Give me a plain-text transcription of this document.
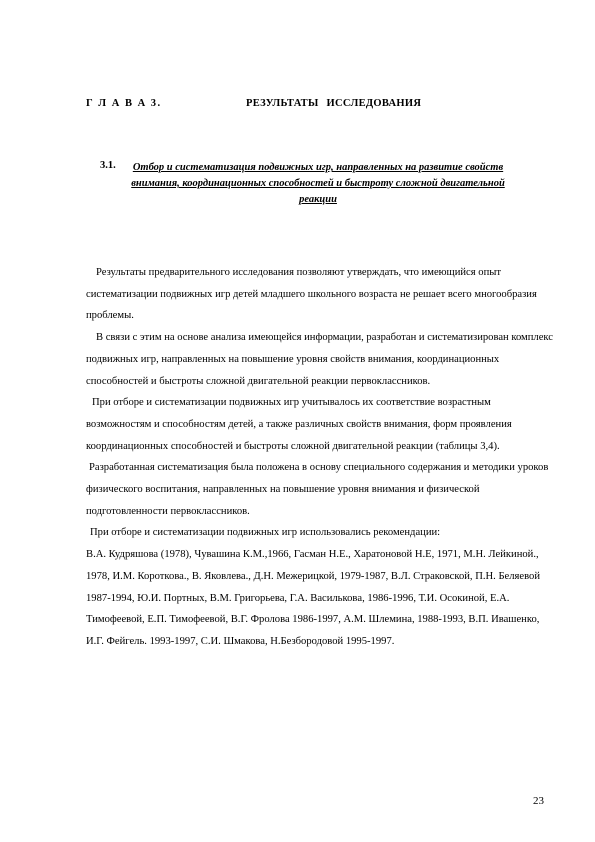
Г Л А В А 3.	РЕЗУЛЬТАТЫ ИССЛЕДОВАНИЯ
3.1.	Отбор и систематизация подвижных игр, направленных на развитие свойств внимания, координационных способностей и быстроту сложной двигательной реакции

Результаты предварительного исследования позволяют утверждать, что имеющийся опыт систематизации подвижных игр детей младшего школьного возраста не решает всего многообразия проблемы.

В связи с этим на основе анализа имеющейся информации, разработан и систематизирован комплекс подвижных игр, направленных на повышение уровня свойств внимания, координационных способностей и быстроты сложной двигательной реакции первоклассников.

При отборе и систематизации подвижных игр учитывалось их соответствие возрастным возможностям и способностям детей, а также различных свойств внимания, форм проявления координационных способностей и быстроты сложной двигательной реакции (таблицы 3,4).

Разработанная систематизация была положена в основу специального содержания и методики уроков физического воспитания, направленных на повышение уровня внимания и физической подготовленности первоклассников.

При отборе и систематизации подвижных игр использовались рекомендации:

В.А. Кудряшова (1978), Чувашина К.М.,1966, Гасман Н.Е., Харатоновой Н.Е, 1971, М.Н. Лейкиной., 1978, И.М. Короткова., В. Яковлева., Д.Н. Межерицкой, 1979-1987, В.Л. Страковской, П.Н. Беляевой 1987-1994, Ю.И. Портных, В.М. Григорьева, Г.А. Васильковa, 1986-1996, Т.И. Осокиной, Е.А. Тимофеевой, Е.П. Тимофеевой, В.Г. Фролова 1986-1997, А.М. Шлемина, 1988-1993, В.П. Ивашенко, И.Г. Фейгель. 1993-1997, С.И. Шмакова, Н.Безбородовой 1995-1997.

23
